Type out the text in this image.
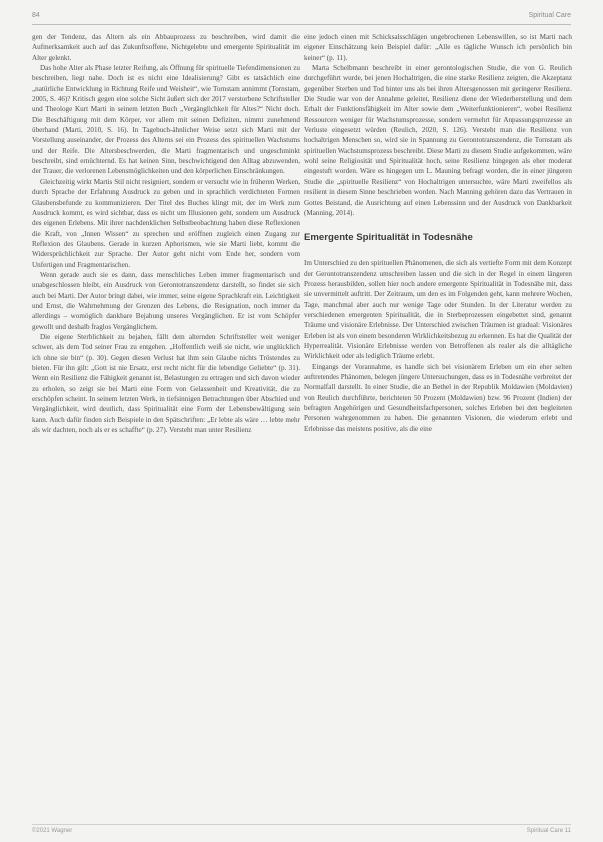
84	Spiritual Care

gen der Tendenz, das Altern als ein Abbauprozess zu beschreiben, wird damit die Aufmerksamkeit auch auf das Zukunftsoffene, Nichtgelebte und emergente Spiritualität im Alter gelenkt.

Das hohe Alter als Phase letzter Reifung, als Öffnung für spirituelle Tiefendimensionen zu beschreiben, liegt nahe. Doch ist es nicht eine Idealisierung? Gibt es tatsächlich eine „natürliche Entwicklung in Richtung Reife und Weisheit“, wie Tornstam annimmt (Tornstam, 2005, S. 46)? Kritisch gegen eine solche Sicht äußert sich der 2017 verstorbene Schriftsteller und Theologe Kurt Marti in seinem letzten Buch „Vergänglichkeit für Altes?“ Nicht doch. Die Beschäftigung mit dem Körper, vor allem mit seinen Defiziten, nimmt zunehmend überhand (Marti, 2010, S. 16). In Tagebuch-ähnlicher Weise setzt sich Marti mit der Vorstellung auseinander, der Prozess des Alterns sei ein Prozess des spirituellen Wachstums und der Reife. Die Altersbeschwerden, die Marti fragmentarisch und ungeschminkt beschreibt, sind ernüchternd. Es hat keinen Sinn, beschwichtigend den Alltag abzuwenden, der Trauer, die verlorenen Lebensmöglichkeiten und den körperlichen Einschränkungen.

Gleichzeitig wirkt Martis Stil nicht resigniert, sondern er versucht wie in früheren Werken, durch Sprache der Erfahrung Ausdruck zu geben und in sprachlich verdichteten Formen Glaubensbefunde zu kommunizieren. Der Titel des Buches klingt mit, der im Werk zum Ausdruck kommt, es wird sichtbar, dass es nicht um Illusionen geht, sondern um Ausdruck des eigenen Erlebens. Mit ihrer nachdenklichen Selbstbeobachtung haben diese Reflexionen die Kraft, von „Innen Wissen“ zu sprechen und eröffnen zugleich einen Zugang zur Reflexion des Glaubens. Gerade in kurzen Aphorismen, wie sie Marti liebt, kommt die Widersprüchlichkeit zur Sprache. Der Autor geht nicht vom Ende her, sondern vom Unfertigen und Fragmentarischen.

Wenn gerade auch sie es dann, dass menschliches Leben immer fragmentarisch und unabgeschlossen bleibt, ein Ausdruck von Gerontotranszendenz darstellt, so findet sie sich auch bei Marti. Der Autor bringt dabei, wie immer, seine eigene Sprachkraft ein. Leichtigkeit und Ernst, die Wahrnehmung der Grenzen des Lebens, die Resignation, noch immer da allerdings – womöglich dankbare Bejahung unseres Vergänglichen. Er ist vom Schöpfer gewollt und deshalb fraglos Vergänglichem.

Die eigene Sterblichkeit zu bejahen, fällt dem alternden Schriftsteller weit weniger schwer, als dem Tod seiner Frau zu entgehen. „Hoffentlich weiß sie nicht, wie unglücklich ich ohne sie bin“ (p. 30). Gegen diesen Verlust hat ihm sein Glaube nichts Tröstendes zu bieten. Für ihn gilt: „Gott ist nie Ersatz, erst recht nicht für die lebendige Geliebte“ (p. 31). Wenn ein Resilienz die Fähigkeit genannt ist, Belastungen zu ertragen und sich davon wieder zu erholen, so zeigt sie bei Marti eine Form von Gelassenheit und Kreativität, die zu erschöpfen scheint. In seinem letzten Werk, in tiefsinnigen Betrachtungen über Abschied und Vergänglichkeit, wird deutlich, dass Spiritualität eine Form der Lebensbewältigung sein kann. Auch dafür finden sich Beispiele in den Spätschriften: „Er lebte als wäre … lebte mehr als wir dachten, noch als er es schaffte“ (p. 27). Versteht man unter Resilienz

eine jedoch einen mit Schicksalsschlägen ungebrochenen Lebenswillen, so ist Marti nach eigener Einschätzung kein Beispiel dafür: „Alle es tägliche Wunsch ich persönlich bin keiner“ (p. 11).

Marta Schelbmann beschreibt in einer gerontologischen Studie, die von G. Reulich durchgeführt wurde, bei jenen Hochaltrigen, die eine starke Resilienz zeigten, die Akzeptanz gegenüber Sterben und Tod hinter uns als bei ihren Altersgenossen mit geringerer Resilienz. Die Studie war von der Annahme geleitet, Resilienz diene der Wiederherstellung und dem Erhalt der Funktionsfähigkeit im Alter sowie dem „Weiterfunktionieren“, wobei Resilienz Ressourcen weniger für Wachstumsprozesse, sondern vermehrt für Anpassungsprozesse an Verluste eingesetzt würden (Reulich, 2020, S. 126). Versteht man die Resilienz von hochaltrigen Menschen so, wird sie in Spannung zu Gerontotranszendenz, die Tornstam als spirituellen Wachstumsprozess beschreibt. Diese Marti zu diesem Studie aufgekommen, wäre wohl seine Religiosität und Spiritualität hoch, seine Resilienz hingegen als eher moderat eingestuft worden. Wäre es hingegen um L. Mauning befragt worden, die in einer jüngeren Studie die „spirituelle Resilienz“ von Hochaltrigen untersuchte, wäre Marti zweifellos als resilient in diesem Sinne beschrieben worden. Nach Manning gehören dazu das Vertrauen in Gottes Beistand, die Ausrichtung auf einen Lebenssinn und der Ausdruck von Dankbarkeit (Manning, 2014).

Emergente Spiritualität in Todesnähe

Im Unterschied zu den spirituellen Phänomenen, die sich als vertiefte Form mit dem Konzept der Gerontotranszendenz umschreiben lassen und die sich in der Regel in einem längeren Prozess herausbilden, sollen hier noch andere emergente Spiritualität in Todesnähe mit, dass sie unvermittelt auftritt. Der Zeitraum, um den es im Folgenden geht, kann mehrere Wochen, Tage, manchmal aber auch nur wenige Tage oder Stunden. In der Literatur werden zu verschiedenen emergenten Spiritualität, die in Sterbeprozessen eingebettet sind, genannt Träume und visionäre Erlebnisse. Der Unterschied zwischen Träumen ist gradual: Visionäres Erleben ist als von einem besonderen Wirklichkeitsbezug zu erkennen. Es hat die Qualität der Hyperrealität. Visionäre Erlebnisse werden von Betroffenen als realer als die alltägliche Wirklichkeit oder als lediglich Träume erlebt.

Eingangs der Vorannahme, es handle sich bei visionärem Erleben um ein eher selten auftretendes Phänomen, belegen jüngere Untersuchungen, dass es in Todesnähe verbreitet der Normalfall darstellt. In einer Studie, die an Bethel in der Republik Moldawien (Moldavien) von Reulich durchführte, berichteten 50 Prozent (Moldawien) bzw. 96 Prozent (Indien) der befragten Angehörigen und Gesundheitsfachpersonen, solches Erleben bei den begleiteten Personen wahrgenommen zu haben. Die genannten Visionen, die wiederum erlebt und Erlebnisse das meistens positive, als die eine

©2021 Wagner	Spiritual Care 11
